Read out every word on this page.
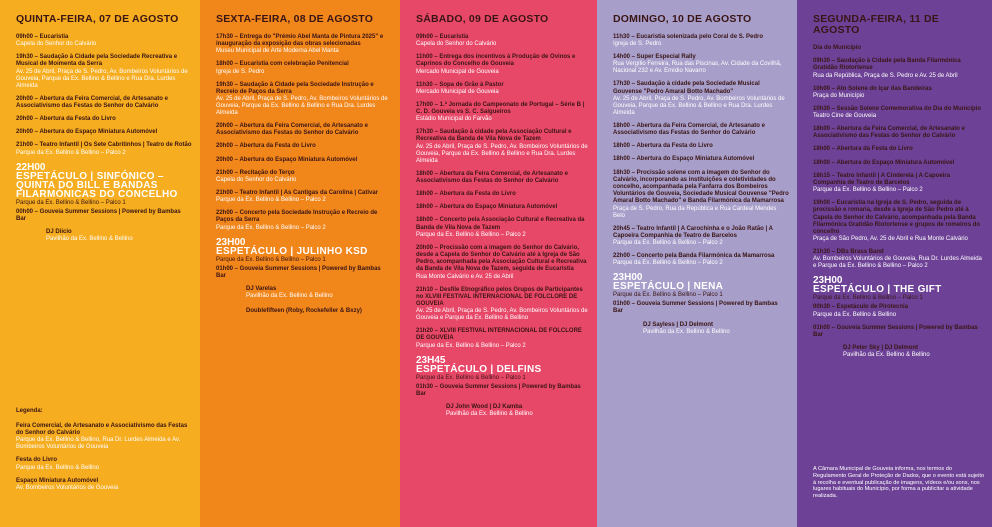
QUINTA-FEIRA, 07 DE AGOSTO
09h00 – Eucaristia
Capela do Senhor do Calvário
19h30 – Saudação à Cidade pela Sociedade Recreativa e Musical de Moimenta da Serra
Av. 25 de Abril, Praça de S. Pedro, Av. Bombeiros Voluntários de Gouveia, Parque da Ex. Bellino & Bellino e Rua Dra. Lurdes Almeida
20h00 – Abertura da Feira Comercial, de Artesanato e Associativismo das Festas do Senhor do Calvário
20h00 – Abertura da Festa do Livro
20h00 – Abertura do Espaço Miniatura Automóvel
21h00 – Teatro Infantil | Os Sete Cabritinhos | Teatro de Rotão
Parque da Ex. Bellino & Bellino – Palco 2
22H00
ESPETÁCULO | SINFÓNICO – QUINTA DO BILL E BANDAS FILARMÓNICAS DO CONCELHO
Parque da Ex. Bellino & Bellino – Palco 1
00h00 – Gouveia Summer Sessions | Powered by Bambas Bar
DJ Diicio
Pavilhão da Ex. Bellino & Bellino
Legenda:
Feira Comercial, de Artesanato e Associativismo das Festas do Senhor do Calvário
Parque da Ex. Bellino & Bellino, Rua Dr. Lurdes Almeida e Av. Bombeiros Voluntários de Gouveia
Festa do Livro
Parque da Ex. Bellino & Bellino
Espaço Miniatura Automóvel
Av. Bombeiros Voluntários de Gouveia
SEXTA-FEIRA, 08 DE AGOSTO
17h30 – Entrega do "Prémio Abel Manta de Pintura 2025" e inauguração da exposição das obras selecionadas
Museu Municipal de Arte Moderna Abel Manta
18h00 – Eucaristia com celebração Penitencial
Igreja de S. Pedro
19h30 – Saudação à Cidade pela Sociedade Instrução e Recreio de Paços da Serra
Av. 25 de Abril, Praça de S. Pedro, Av. Bombeiros Voluntários de Gouveia, Parque da Ex. Bellino & Bellino e Rua Dra. Lurdes Almeida
20h00 – Abertura da Feira Comercial, de Artesanato e Associativismo das Festas do Senhor do Calvário
20h00 – Abertura da Festa do Livro
20h00 – Abertura do Espaço Miniatura Automóvel
21h00 – Recitação do Terço
Capela do Senhor do Calvário
21h00 – Teatro Infantil | As Cantigas da Carolina | Cativar
Parque da Ex. Bellino & Bellino – Palco 2
22h00 – Concerto pela Sociedade Instrução e Recreio de Paços da Serra
Parque da Ex. Bellino & Bellino – Palco 2
23H00
ESPETÁCULO | JULINHO KSD
Parque da Ex. Bellino & Bellino – Palco 1
01h00 – Gouveia Summer Sessions | Powered by Bambas Bar
DJ Varelas
Pavilhão da Ex. Bellino & Bellino
Doublefifteen (Roby, Rockefeller & Bxzy)
SÁBADO, 09 DE AGOSTO
09h00 – Eucaristia
Capela do Senhor do Calvário
11h00 – Entrega dos incentivos à Produção de Ovinos e Caprinos do Concelho de Gouveia
Mercado Municipal de Gouveia
11h30 – Sopa de Grão à Pastor
Mercado Municipal de Gouveia
17h00 – 1.ª Jornada do Campeonato de Portugal – Série B | C. D. Gouveia vs S. C. Salgueiros
Estádio Municipal do Farvão
17h30 – Saudação à cidade pela Associação Cultural e Recreativa da Banda de Vila Nova de Tazem
Av. 25 de Abril, Praça de S. Pedro, Av. Bombeiros Voluntários de Gouveia, Parque da Ex. Bellino & Bellino e Rua Dra. Lurdes Almeida
18h00 – Abertura da Feira Comercial, de Artesanato e Associativismo das Festas do Senhor do Calvário
18h00 – Abertura da Festa do Livro
18h00 – Abertura do Espaço Miniatura Automóvel
18h00 – Concerto pela Associação Cultural e Recreativa da Banda de Vila Nova de Tazem
Parque da Ex. Bellino & Bellino – Palco 2
20h00 – Procissão com a imagem do Senhor do Calvário, desde a Capela do Senhor do Calvário até à Igreja de São Pedro, acompanhada pela Associação Cultural e Recreativa da Banda de Vila Nova de Tazem, seguida de Eucaristia
Rua Monte Calvário e Av. 25 de Abril
21h10 – Desfile Etnográfico pelos Grupos de Participantes no XLVIII FESTIVAL INTERNACIONAL DE FOLCLORE DE GOUVEIA
Av. 25 de Abril, Praça de S. Pedro, Av. Bombeiros Voluntários de Gouveia e Parque da Ex. Bellino & Bellino
21h20 – XLVIII FESTIVAL INTERNACIONAL DE FOLCLORE DE GOUVEIA
Parque da Ex. Bellino & Bellino – Palco 2
23H45
ESPETÁCULO | DELFINS
Parque da Ex. Bellino & Bellino – Palco 1
01h30 – Gouveia Summer Sessions | Powered by Bambas Bar
DJ John Wood | DJ Kamba
Pavilhão da Ex. Bellino & Bellino
DOMINGO, 10 DE AGOSTO
11h30 – Eucaristia solenizada pelo Coral de S. Pedro
Igreja de S. Pedro
14h00 – Super Especial Rally
Rua Vergílio Ferreira, Rua das Piscinas, Av. Cidade da Covilhã, Nacional 232 e Av. Emídio Navarro
17h30 – Saudação à cidade pela Sociedade Musical Gouvense "Pedro Amaral Botto Machado"
Av. 25 de Abril, Praça de S. Pedro, Av. Bombeiros Voluntários de Gouveia, Parque da Ex. Bellino & Bellino e Rua Dra. Lurdes Almeida
18h00 – Abertura da Feira Comercial, de Artesanato e Associativismo das Festas do Senhor do Calvário
18h00 – Abertura da Festa do Livro
18h00 – Abertura do Espaço Miniatura Automóvel
18h30 – Procissão solene com a imagem do Senhor do Calvário, incorporando as instituições e coletividades do concelho, acompanhada pela Fanfarra dos Bombeiros Voluntários de Gouveia, Sociedade Musical Gouvense "Pedro Amaral Botto Machado" e Banda Filarmónica da Mamarrosa
Praça de S. Pedro, Rua da República e Rua Cardeal Mendes Belo
20h45 – Teatro Infantil | A Carochinha e o João Ratão | A Capoeira Companhia de Teatro de Barcelos
Parque da Ex. Bellino & Bellino – Palco 2
22h00 – Concerto pela Banda Filarmónica da Mamarrosa
Parque da Ex. Bellino & Bellino – Palco 2
23H00
ESPETÁCULO | NENA
Parque da Ex. Bellino & Bellino – Palco 1
01h00 – Gouveia Summer Sessions | Powered by Bambas Bar
DJ Sayless | DJ Delmont
Pavilhão da Ex. Bellino & Bellino
SEGUNDA-FEIRA, 11 DE AGOSTO
Dia do Município
09h30 – Saudação à Cidade pela Banda Filarmónica Gratidão Riotortense
Rua da República, Praça de S. Pedro e Av. 25 de Abril
10h00 – Ato Solene do Içar das Bandeiras
Praça do Município
10h30 – Sessão Solene Comemorativa do Dia do Município
Teatro Cine de Gouveia
18h00 – Abertura da Feira Comercial, de Artesanato e Associativismo das Festas do Senhor do Calvário
18h00 – Abertura da Festa do Livro
18h00 – Abertura do Espaço Miniatura Automóvel
18h15 – Teatro Infantil | A Cinderela | A Capoeira Companhia de Teatro de Barcelos
Parque da Ex. Bellino & Bellino – Palco 2
19h00 – Eucaristia na Igreja de S. Pedro, seguida de procissão e romaria, desde a Igreja de São Pedro até à Capela do Senhor do Calvário, acompanhada pela Banda Filarmónica Gratidão Riotortense e grupos de romeiros do concelho
Praça de São Pedro, Av. 25 de Abril e Rua Monte Calvário
21h30 – DBs Brass Band
Av. Bombeiros Voluntários de Gouveia, Rua Dr. Lurdes Almeida e Parque da Ex. Bellino & Bellino – Palco 2
23H00
ESPETÁCULO | THE GIFT
Parque da Ex. Bellino & Bellino – Palco 1
00h30 – Espetáculo de Pirotecnia
Parque da Ex. Bellino & Bellino
01h00 – Gouveia Summer Sessions | Powered by Bambas Bar
DJ Peter Sky | DJ Delmont
Pavilhão da Ex. Bellino & Bellino
A Câmara Municipal de Gouveia informa, nos termos do Regulamento Geral de Proteção de Dados, que o evento está sujeito à recolha e eventual publicação de imagens, vídeos e/ou sons, nos lugares habituais do Município, por forma a publicitar a atividade realizada.
